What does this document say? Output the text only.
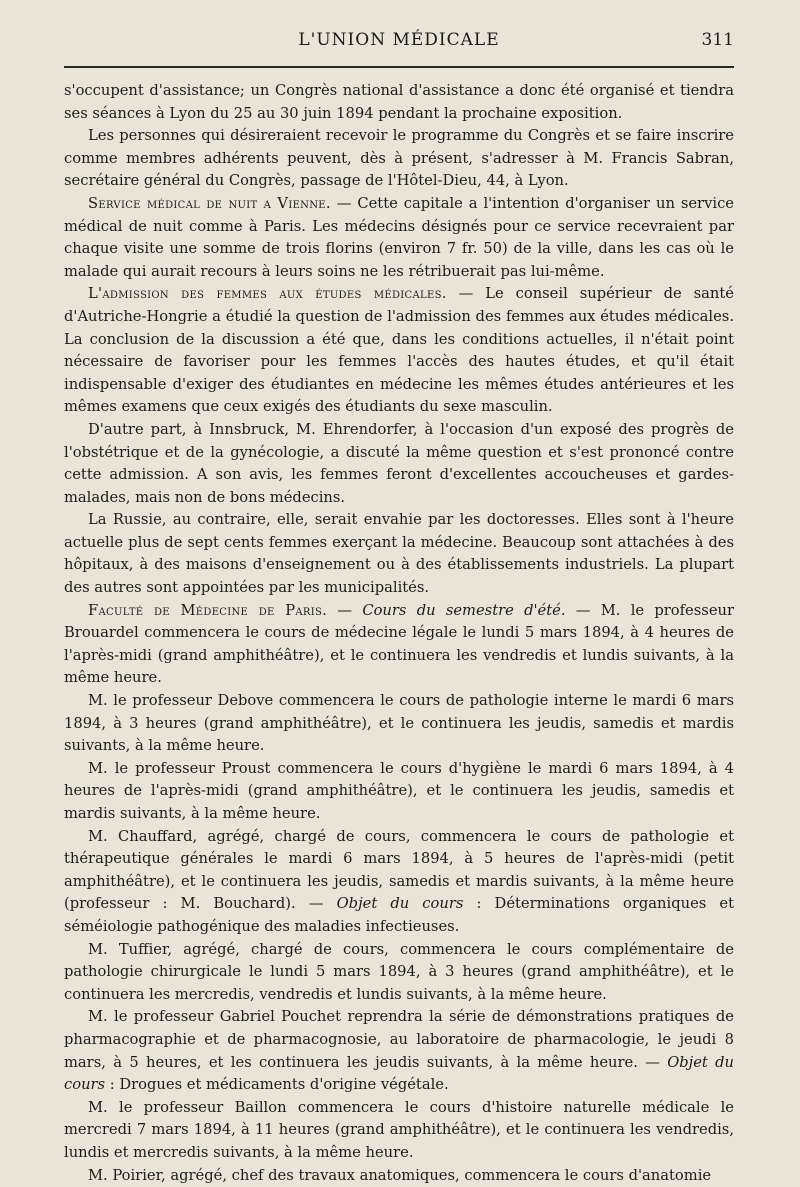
L'UNION MÉDICALE	311

s'occupent d'assistance; un Congrès national d'assistance a donc été organisé et tiendra ses séances à Lyon du 25 au 30 juin 1894 pendant la prochaine exposition.

Les personnes qui désireraient recevoir le programme du Congrès et se faire inscrire comme membres adhérents peuvent, dès à présent, s'adresser à M. Francis Sabran, secrétaire général du Congrès, passage de l'Hôtel-Dieu, 44, à Lyon.

Service médical de nuit a Vienne. — Cette capitale a l'intention d'organiser un service médical de nuit comme à Paris. Les médecins désignés pour ce service recevraient par chaque visite une somme de trois florins (environ 7 fr. 50) de la ville, dans les cas où le malade qui aurait recours à leurs soins ne les rétribuerait pas lui-même.

L'admission des femmes aux études médicales. — Le conseil supérieur de santé d'Autriche-Hongrie a étudié la question de l'admission des femmes aux études médicales. La conclusion de la discussion a été que, dans les conditions actuelles, il n'était point nécessaire de favoriser pour les femmes l'accès des hautes études, et qu'il était indispensable d'exiger des étudiantes en médecine les mêmes études antérieures et les mêmes examens que ceux exigés des étudiants du sexe masculin.

D'autre part, à Innsbruck, M. Ehrendorfer, à l'occasion d'un exposé des progrès de l'obstétrique et de la gynécologie, a discuté la même question et s'est prononcé contre cette admission. A son avis, les femmes feront d'excellentes accoucheuses et gardes-malades, mais non de bons médecins.

La Russie, au contraire, elle, serait envahie par les doctoresses. Elles sont à l'heure actuelle plus de sept cents femmes exerçant la médecine. Beaucoup sont attachées à des hôpitaux, à des maisons d'enseignement ou à des établissements industriels. La plupart des autres sont appointées par les municipalités.

Faculté de Médecine de Paris. — Cours du semestre d'été. — M. le professeur Brouardel commencera le cours de médecine légale le lundi 5 mars 1894, à 4 heures de l'après-midi (grand amphithéâtre), et le continuera les vendredis et lundis suivants, à la même heure.

M. le professeur Debove commencera le cours de pathologie interne le mardi 6 mars 1894, à 3 heures (grand amphithéâtre), et le continuera les jeudis, samedis et mardis suivants, à la même heure.

M. le professeur Proust commencera le cours d'hygiène le mardi 6 mars 1894, à 4 heures de l'après-midi (grand amphithéâtre), et le continuera les jeudis, samedis et mardis suivants, à la même heure.

M. Chauffard, agrégé, chargé de cours, commencera le cours de pathologie et thérapeutique générales le mardi 6 mars 1894, à 5 heures de l'après-midi (petit amphithéâtre), et le continuera les jeudis, samedis et mardis suivants, à la même heure (professeur : M. Bouchard). — Objet du cours : Déterminations organiques et séméiologie pathogénique des maladies infectieuses.

M. Tuffier, agrégé, chargé de cours, commencera le cours complémentaire de pathologie chirurgicale le lundi 5 mars 1894, à 3 heures (grand amphithéâtre), et le continuera les mercredis, vendredis et lundis suivants, à la même heure.

M. le professeur Gabriel Pouchet reprendra la série de démonstrations pratiques de pharmacographie et de pharmacognosie, au laboratoire de pharmacologie, le jeudi 8 mars, à 5 heures, et les continuera les jeudis suivants, à la même heure. — Objet du cours : Drogues et médicaments d'origine végétale.

M. le professeur Baillon commencera le cours d'histoire naturelle médicale le mercredi 7 mars 1894, à 11 heures (grand amphithéâtre), et le continuera les vendredis, lundis et mercredis suivants, à la même heure.

M. Poirier, agrégé, chef des travaux anatomiques, commencera le cours d'anatomie
